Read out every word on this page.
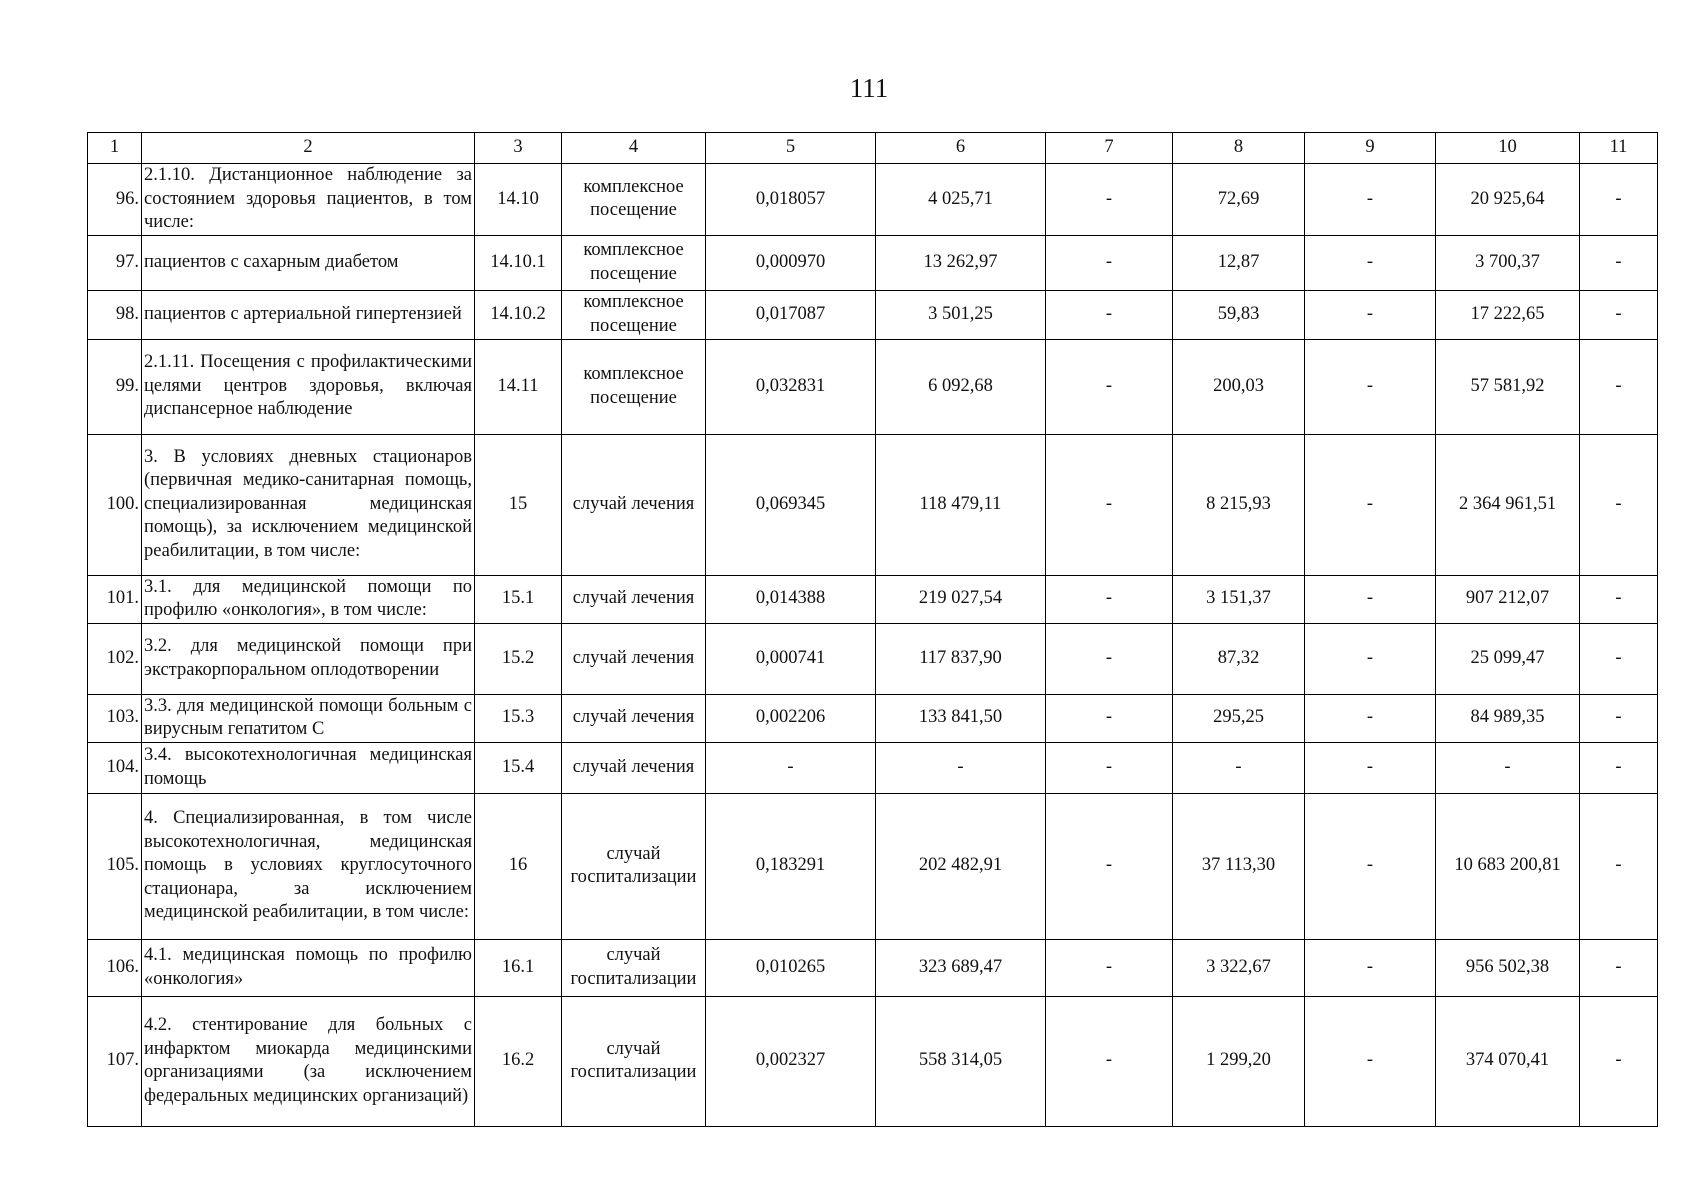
111
1	2	3	4	5	6	7	8	9	10	11
96.	2.1.10. Дистанционное наблюдение за состоянием здоровья пациентов, в том числе:	14.10	комплексное посещение	0,018057	4 025,71	-	72,69	-	20 925,64	-
97.	пациентов с сахарным диабетом	14.10.1	комплексное посещение	0,000970	13 262,97	-	12,87	-	3 700,37	-
98.	пациентов с артериальной гипертензией	14.10.2	комплексное посещение	0,017087	3 501,25	-	59,83	-	17 222,65	-
99.	2.1.11. Посещения с профилактическими целями центров здоровья, включая диспансерное наблюдение	14.11	комплексное посещение	0,032831	6 092,68	-	200,03	-	57 581,92	-
100.	3. В условиях дневных стационаров (первичная медико-санитарная помощь, специализированная медицинская помощь), за исключением медицинской реабилитации, в том числе:	15	случай лечения	0,069345	118 479,11	-	8 215,93	-	2 364 961,51	-
101.	3.1. для медицинской помощи по профилю «онкология», в том числе:	15.1	случай лечения	0,014388	219 027,54	-	3 151,37	-	907 212,07	-
102.	3.2. для медицинской помощи при экстракорпоральном оплодотворении	15.2	случай лечения	0,000741	117 837,90	-	87,32	-	25 099,47	-
103.	3.3. для медицинской помощи больным с вирусным гепатитом С	15.3	случай лечения	0,002206	133 841,50	-	295,25	-	84 989,35	-
104.	3.4. высокотехнологичная медицинская помощь	15.4	случай лечения	-	-	-	-	-	-	-
105.	4. Специализированная, в том числе высокотехнологичная, медицинская помощь в условиях круглосуточного стационара, за исключением медицинской реабилитации, в том числе:	16	случай госпитализации	0,183291	202 482,91	-	37 113,30	-	10 683 200,81	-
106.	4.1. медицинская помощь по профилю «онкология»	16.1	случай госпитализации	0,010265	323 689,47	-	3 322,67	-	956 502,38	-
107.	4.2. стентирование для больных с инфарктом миокарда медицинскими организациями (за исключением федеральных медицинских организаций)	16.2	случай госпитализации	0,002327	558 314,05	-	1 299,20	-	374 070,41	-
